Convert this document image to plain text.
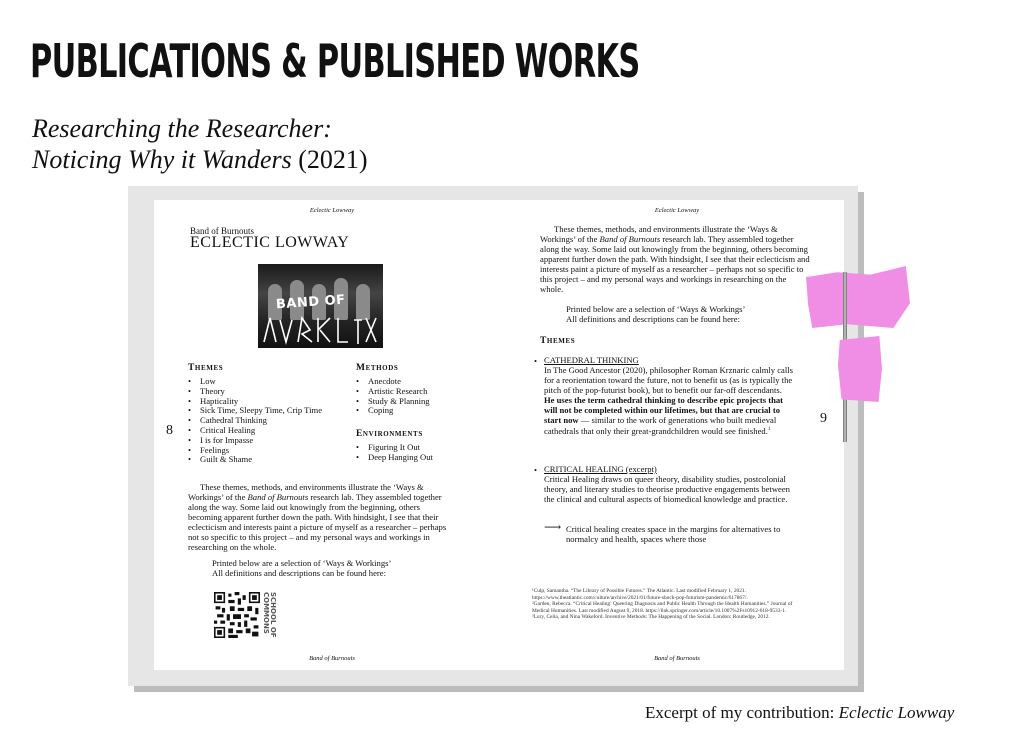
PUBLICATIONS & PUBLISHED WORKS
Researching the Researcher:
Noticing Why it Wanders (2021)
Eclectic Lowway
Band of Burnouts
ECLECTIC LOWWAY
BAND OF
Themes
• Low
• Theory
• Hapticality
• Sick Time, Sleepy Time, Crip Time
• Cathedral Thinking
• Critical Healing
• I is for Impasse
• Feelings
• Guilt & Shame
Methods
• Anecdote
• Artistic Research
• Study & Planning
• Coping
Environments
• Figuring It Out
• Deep Hanging Out
8
These themes, methods, and environments illustrate the ‘Ways & Workings’ of the Band of Burnouts research lab. They assembled together along the way. Some laid out knowingly from the beginning, others becoming apparent further down the path. With hindsight, I see that their eclecticism and interests paint a picture of myself as a researcher – perhaps not so specific to this project – and my personal ways and workings in researching on the whole.
Printed below are a selection of ‘Ways & Workings’
All definitions and descriptions can be found here:
SCHOOL OF COMMONS
Band of Burnouts
Eclectic Lowway
These themes, methods, and environments illustrate the ‘Ways & Workings’ of the Band of Burnouts research lab. They assembled together along the way. Some laid out knowingly from the beginning, others becoming apparent further down the path. With hindsight, I see that their eclecticism and interests paint a picture of myself as a researcher – perhaps not so specific to this project – and my personal ways and workings in researching on the whole.
Printed below are a selection of ‘Ways & Workings’
All definitions and descriptions can be found here:
Themes
• CATHEDRAL THINKING
In The Good Ancestor (2020), philosopher Roman Krznaric calmly calls for a reorientation toward the future, not to benefit us (as is typically the pitch of the pop-futurist book), but to benefit our far-off descendants. He uses the term cathedral thinking to describe epic projects that will not be completed within our lifetimes, but that are crucial to start now — similar to the work of generations who built medieval cathedrals that only their great-grandchildren would see finished.$^1$
• CRITICAL HEALING (excerpt)
Critical Healing draws on queer theory, disability studies, postcolonial theory, and literary studies to theorise productive engagements between the clinical and cultural aspects of biomedical knowledge and practice.
⟶ Critical healing creates space in the margins for alternatives to normalcy and health, spaces where those
¹Culp, Samantha. “The Library of Possible Futures.” The Atlantic. Last modified February 1, 2021. https://www.theatlantic.com/culture/archive/2021/01/future-shock-pop-futurism-pandemic/617867/.
²Garden, Rebecca. “Critical Healing: Queering Diagnosis and Public Health Through the Health Humanities.” Journal of Medical Humanities. Last modified August 9, 2018. https://link.springer.com/article/10.1007%2Fs10912-018-9533-1.
³Lury, Celia, and Nina Wakeford. Inventive Methods: The Happening of the Social. London: Routledge, 2012.
9
Band of Burnouts
Excerpt of my contribution: Eclectic Lowway
